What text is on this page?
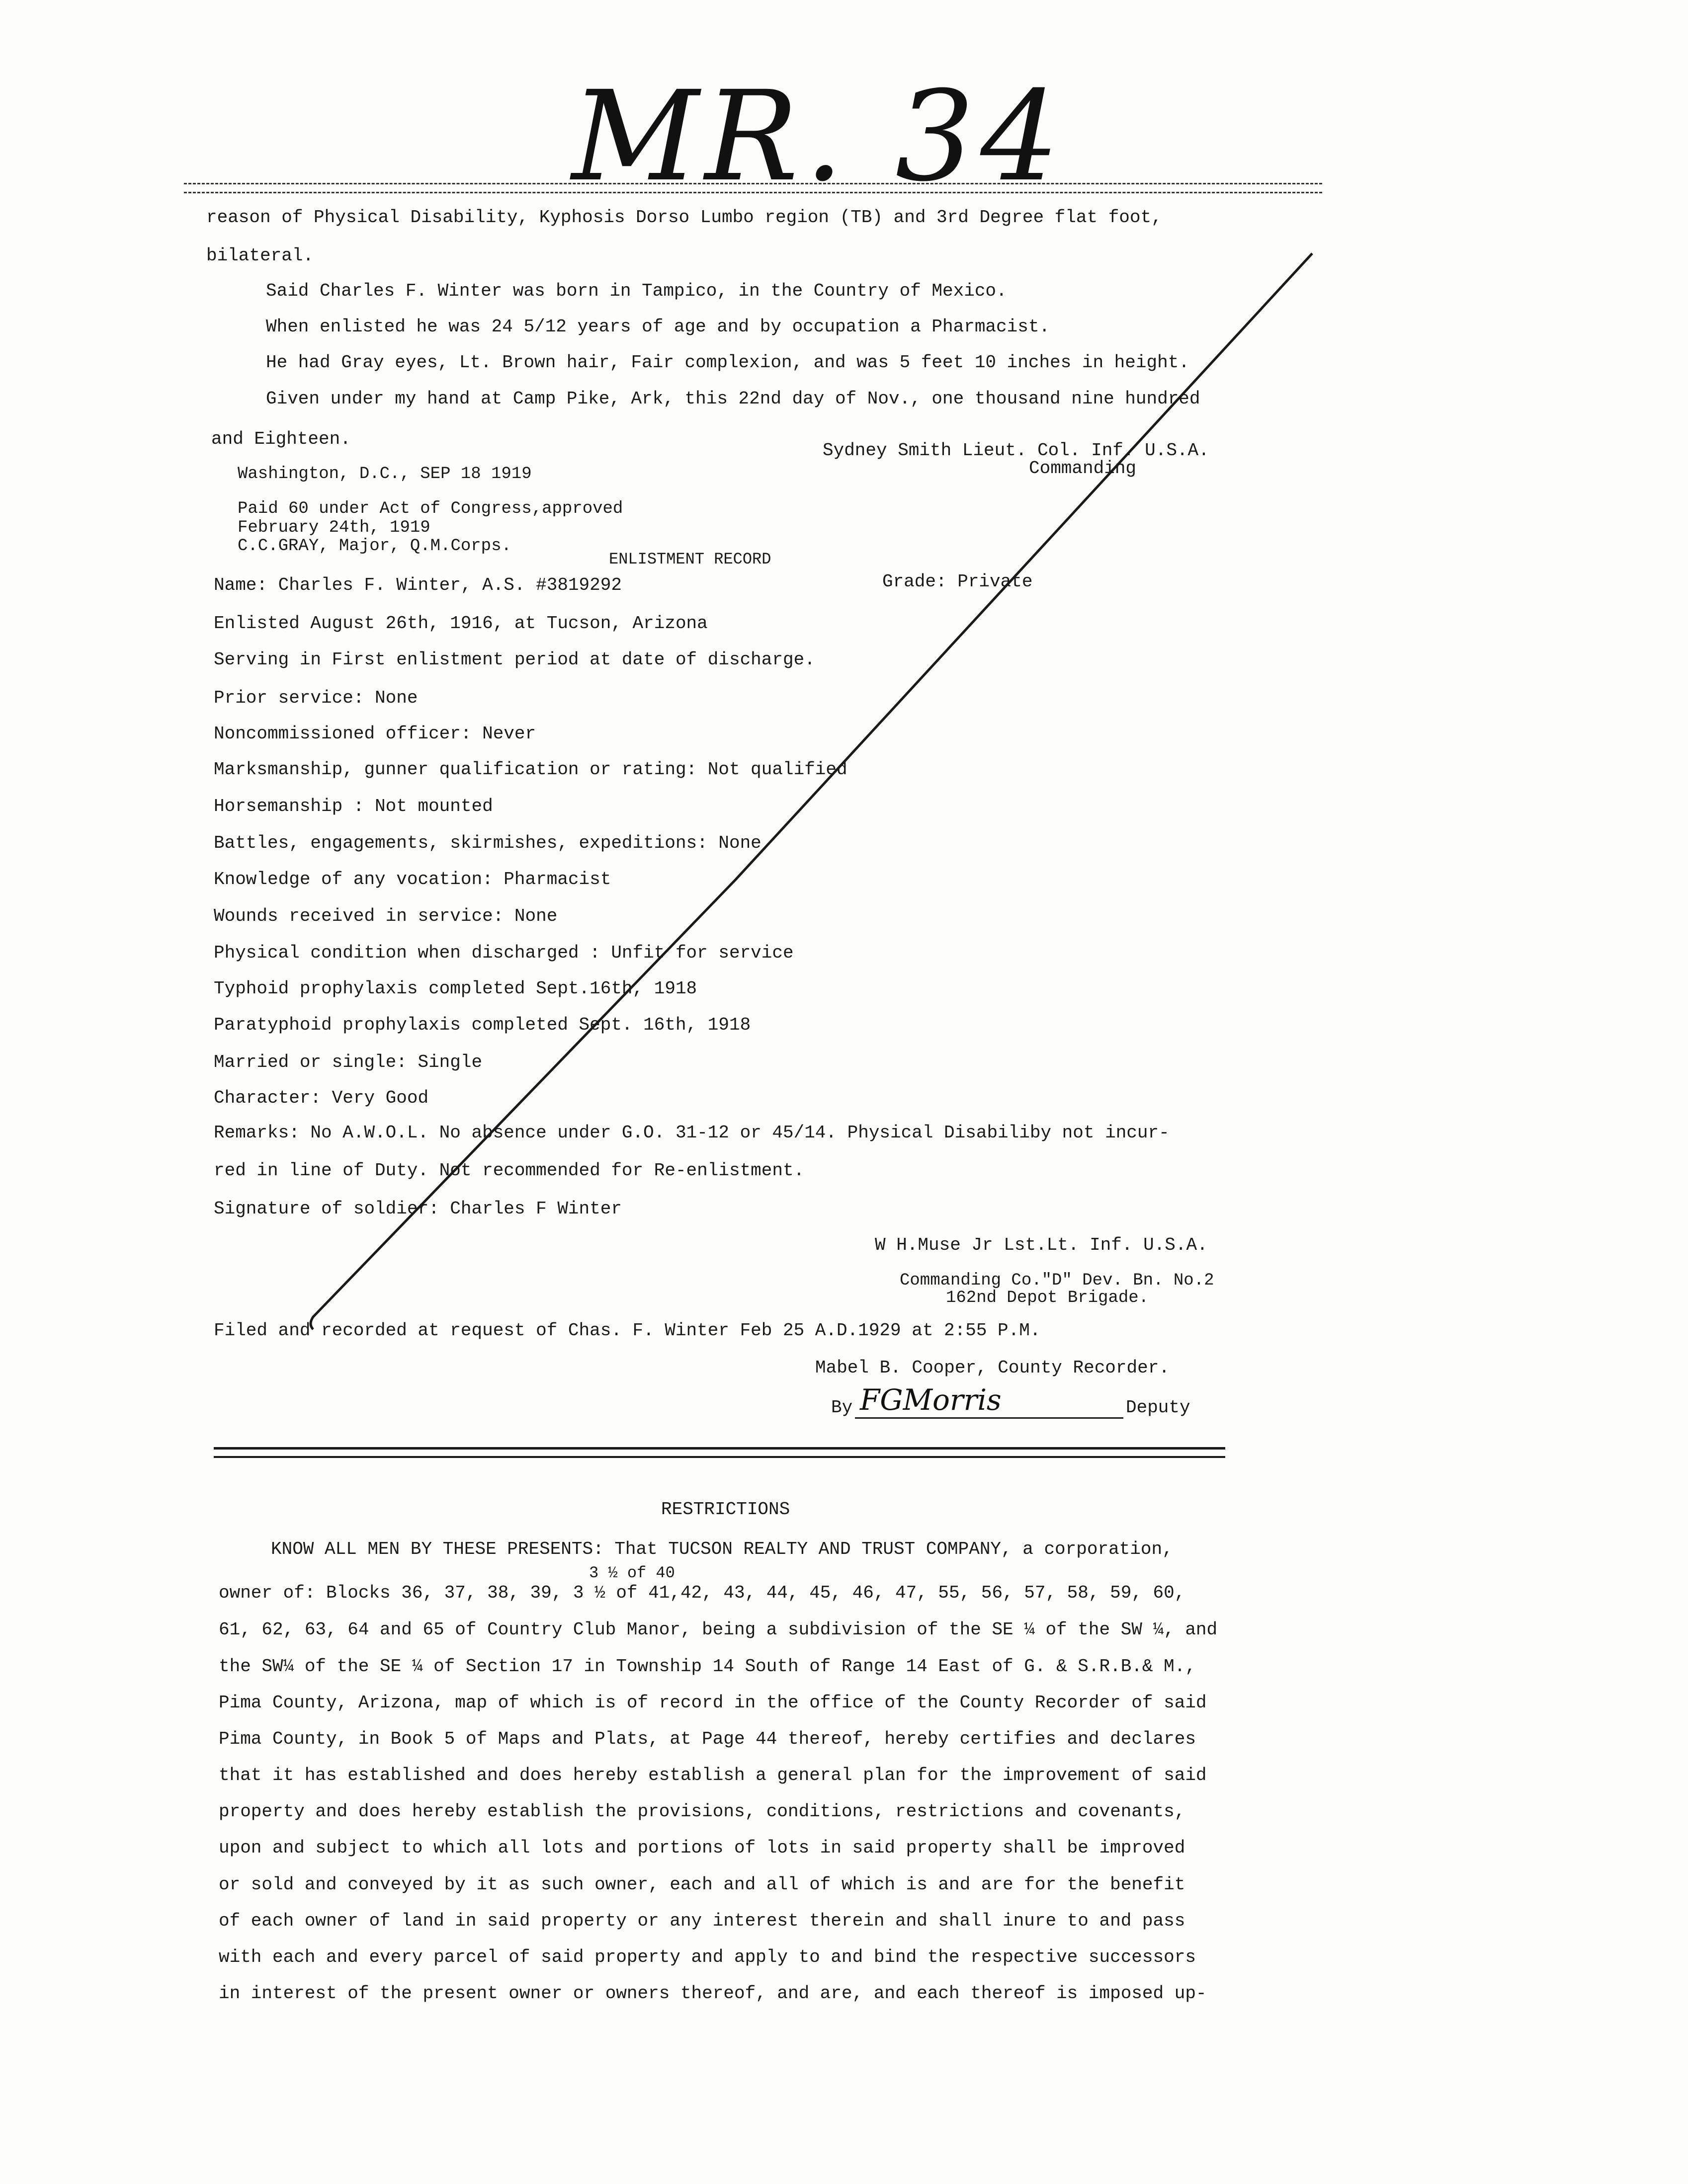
MR. 34
reason of Physical Disability, Kyphosis Dorso Lumbo region (TB) and 3rd Degree flat foot,
bilateral.
Said Charles F. Winter was born in Tampico, in the Country of Mexico.
When enlisted he was 24 5/12 years of age and by occupation a Pharmacist.
He had Gray eyes, Lt. Brown hair, Fair complexion, and was 5 feet 10 inches in height.
Given under my hand at Camp Pike, Ark, this 22nd day of Nov., one thousand nine hundred
and Eighteen.
Sydney Smith Lieut. Col. Inf. U.S.A.
Commanding
Washington, D.C., SEP 18 1919
Paid 60 under Act of Congress,approved
February 24th, 1919
C.C.GRAY, Major, Q.M.Corps.
ENLISTMENT RECORD
Name: Charles F. Winter, A.S. #3819292	Grade: Private
Enlisted August 26th, 1916, at Tucson, Arizona
Serving in First enlistment period at date of discharge.
Prior service: None
Noncommissioned officer: Never
Marksmanship, gunner qualification or rating: Not qualified
Horsemanship : Not mounted
Battles, engagements, skirmishes, expeditions: None
Knowledge of any vocation: Pharmacist
Wounds received in service: None
Physical condition when discharged : Unfit for service
Typhoid prophylaxis completed Sept.16th, 1918
Paratyphoid prophylaxis completed Sept. 16th, 1918
Married or single: Single
Character: Very Good
Remarks: No A.W.O.L. No absence under G.O. 31-12 or 45/14. Physical Disabiliby not incur-
red in line of Duty. Not recommended for Re-enlistment.
Signature of soldier: Charles F Winter
W H.Muse Jr Lst.Lt. Inf. U.S.A.
Commanding Co."D" Dev. Bn. No.2
162nd Depot Brigade.
Filed and recorded at request of Chas. F. Winter Feb 25 A.D.1929 at 2:55 P.M.
Mabel B. Cooper, County Recorder.
By FGMorris	Deputy
RESTRICTIONS
3 ½ of 40
KNOW ALL MEN BY THESE PRESENTS: That TUCSON REALTY AND TRUST COMPANY, a corporation,
owner of: Blocks 36, 37, 38, 39, 3 ½ of 41,42, 43, 44, 45, 46, 47, 55, 56, 57, 58, 59, 60,
61, 62, 63, 64 and 65 of Country Club Manor, being a subdivision of the SE ¼ of the SW ¼, and
the SW¼ of the SE ¼ of Section 17 in Township 14 South of Range 14 East of G. & S.R.B.& M.,
Pima County, Arizona, map of which is of record in the office of the County Recorder of said
Pima County, in Book 5 of Maps and Plats, at Page 44 thereof, hereby certifies and declares
that it has established and does hereby establish a general plan for the improvement of said
property and does hereby establish the provisions, conditions, restrictions and covenants,
upon and subject to which all lots and portions of lots in said property shall be improved
or sold and conveyed by it as such owner, each and all of which is and are for the benefit
of each owner of land in said property or any interest therein and shall inure to and pass
with each and every parcel of said property and apply to and bind the respective successors
in interest of the present owner or owners thereof, and are, and each thereof is imposed up-
